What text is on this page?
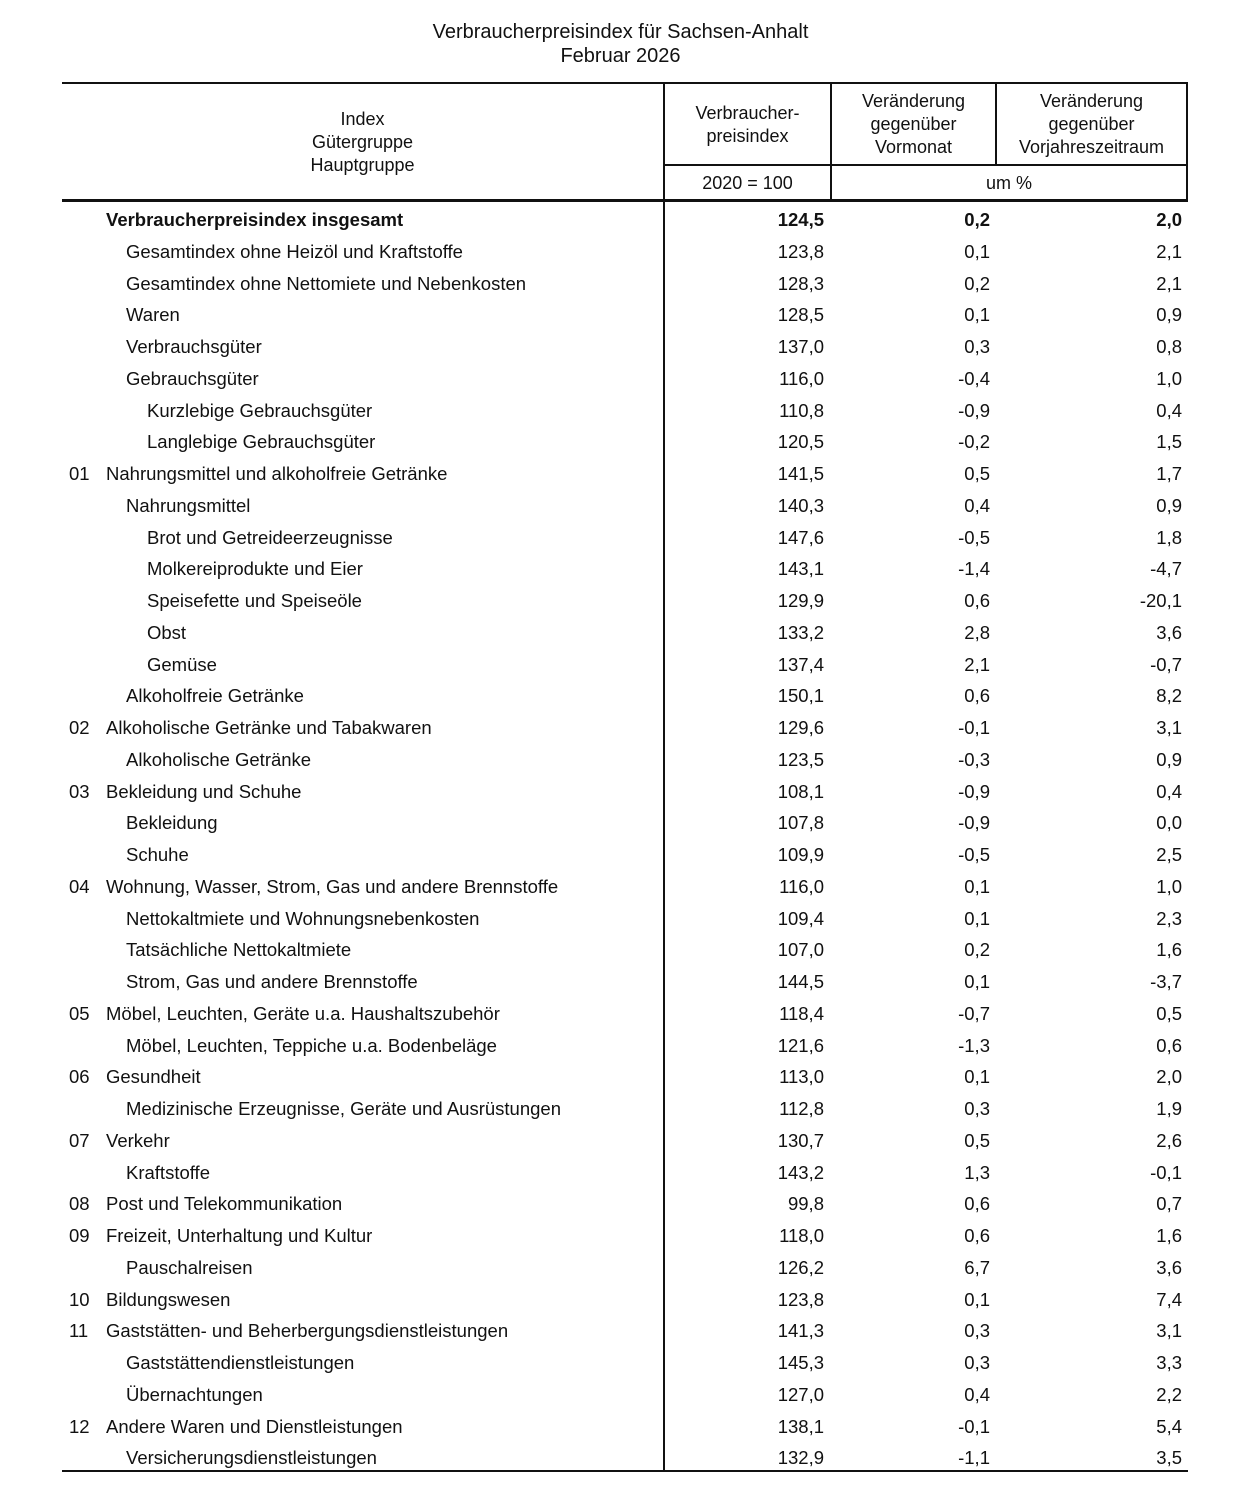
Verbraucherpreisindex für Sachsen-Anhalt
Februar 2026
Index
Gütergruppe
Hauptgruppe
Verbraucher-
preisindex
Veränderung
gegenüber
Vormonat
Veränderung
gegenüber
Vorjahreszeitraum
2020 = 100	um %
Verbraucherpreisindex insgesamt	124,5	0,2	2,0
Gesamtindex ohne Heizöl und Kraftstoffe	123,8	0,1	2,1
Gesamtindex ohne Nettomiete und Nebenkosten	128,3	0,2	2,1
Waren	128,5	0,1	0,9
Verbrauchsgüter	137,0	0,3	0,8
Gebrauchsgüter	116,0	-0,4	1,0
Kurzlebige Gebrauchsgüter	110,8	-0,9	0,4
Langlebige Gebrauchsgüter	120,5	-0,2	1,5
01 Nahrungsmittel und alkoholfreie Getränke	141,5	0,5	1,7
Nahrungsmittel	140,3	0,4	0,9
Brot und Getreideerzeugnisse	147,6	-0,5	1,8
Molkereiprodukte und Eier	143,1	-1,4	-4,7
Speisefette und Speiseöle	129,9	0,6	-20,1
Obst	133,2	2,8	3,6
Gemüse	137,4	2,1	-0,7
Alkoholfreie Getränke	150,1	0,6	8,2
02 Alkoholische Getränke und Tabakwaren	129,6	-0,1	3,1
Alkoholische Getränke	123,5	-0,3	0,9
03 Bekleidung und Schuhe	108,1	-0,9	0,4
Bekleidung	107,8	-0,9	0,0
Schuhe	109,9	-0,5	2,5
04 Wohnung, Wasser, Strom, Gas und andere Brennstoffe	116,0	0,1	1,0
Nettokaltmiete und Wohnungsnebenkosten	109,4	0,1	2,3
Tatsächliche Nettokaltmiete	107,0	0,2	1,6
Strom, Gas und andere Brennstoffe	144,5	0,1	-3,7
05 Möbel, Leuchten, Geräte u.a. Haushaltszubehör	118,4	-0,7	0,5
Möbel, Leuchten, Teppiche u.a. Bodenbeläge	121,6	-1,3	0,6
06 Gesundheit	113,0	0,1	2,0
Medizinische Erzeugnisse, Geräte und Ausrüstungen	112,8	0,3	1,9
07 Verkehr	130,7	0,5	2,6
Kraftstoffe	143,2	1,3	-0,1
08 Post und Telekommunikation	99,8	0,6	0,7
09 Freizeit, Unterhaltung und Kultur	118,0	0,6	1,6
Pauschalreisen	126,2	6,7	3,6
10 Bildungswesen	123,8	0,1	7,4
11 Gaststätten- und Beherbergungsdienstleistungen	141,3	0,3	3,1
Gaststättendienstleistungen	145,3	0,3	3,3
Übernachtungen	127,0	0,4	2,2
12 Andere Waren und Dienstleistungen	138,1	-0,1	5,4
Versicherungsdienstleistungen	132,9	-1,1	3,5
